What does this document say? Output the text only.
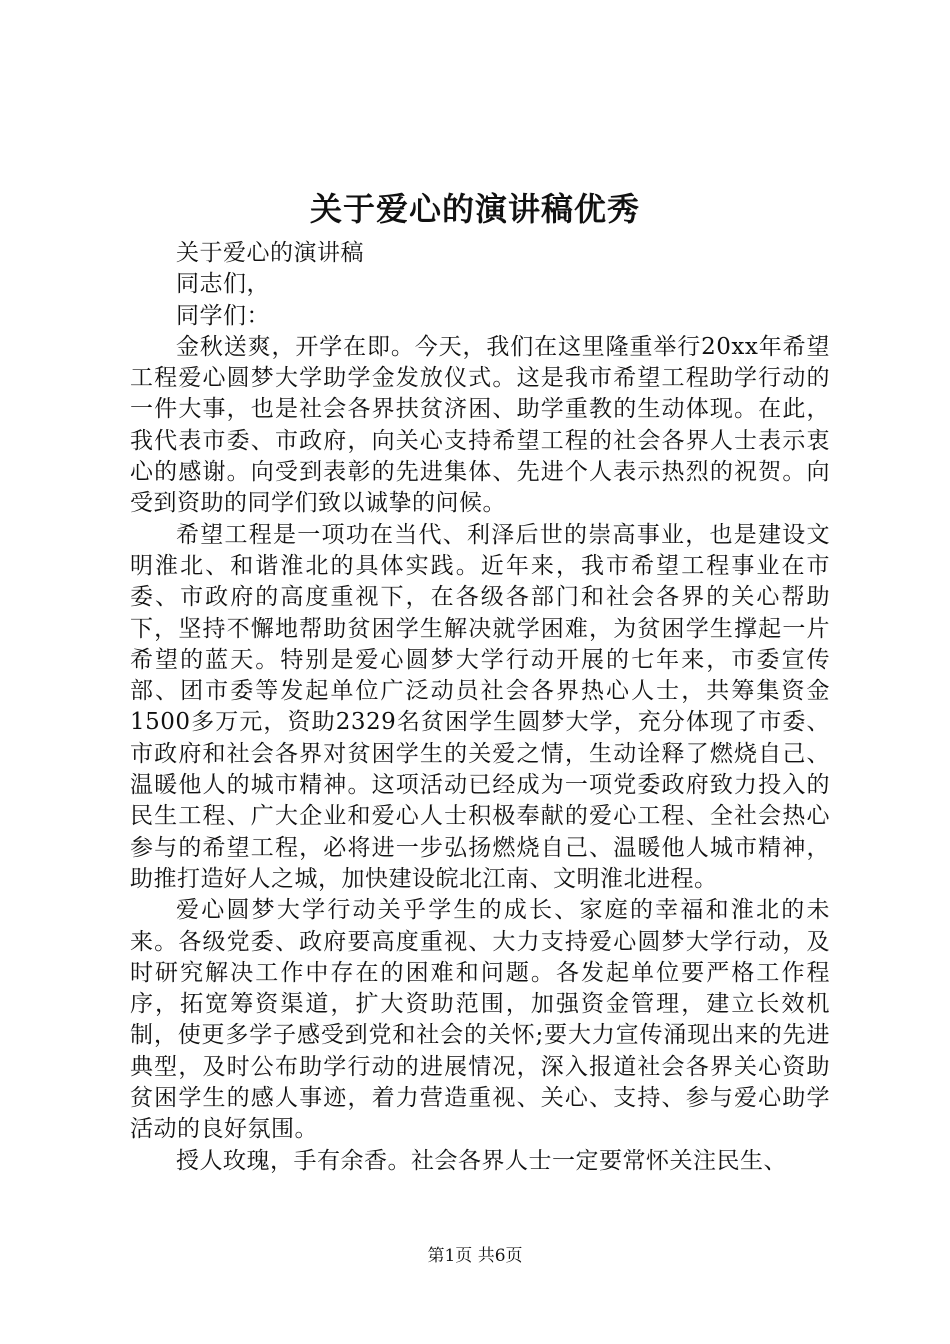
关于爱心的演讲稿优秀

关于爱心的演讲稿

同志们，

同学们：

金秋送爽，开学在即。今天，我们在这里隆重举行20xx年希望工程爱心圆梦大学助学金发放仪式。这是我市希望工程助学行动的一件大事，也是社会各界扶贫济困、助学重教的生动体现。在此，我代表市委、市政府，向关心支持希望工程的社会各界人士表示衷心的感谢。向受到表彰的先进集体、先进个人表示热烈的祝贺。向受到资助的同学们致以诚挚的问候。

希望工程是一项功在当代、利泽后世的崇高事业，也是建设文明淮北、和谐淮北的具体实践。近年来，我市希望工程事业在市委、市政府的高度重视下，在各级各部门和社会各界的关心帮助下，坚持不懈地帮助贫困学生解决就学困难，为贫困学生撑起一片希望的蓝天。特别是爱心圆梦大学行动开展的七年来，市委宣传部、团市委等发起单位广泛动员社会各界热心人士，共筹集资金1500多万元，资助2329名贫困学生圆梦大学，充分体现了市委、市政府和社会各界对贫困学生的关爱之情，生动诠释了燃烧自己、温暖他人的城市精神。这项活动已经成为一项党委政府致力投入的民生工程、广大企业和爱心人士积极奉献的爱心工程、全社会热心参与的希望工程，必将进一步弘扬燃烧自己、温暖他人城市精神，助推打造好人之城，加快建设皖北江南、文明淮北进程。

爱心圆梦大学行动关乎学生的成长、家庭的幸福和淮北的未来。各级党委、政府要高度重视、大力支持爱心圆梦大学行动，及时研究解决工作中存在的困难和问题。各发起单位要严格工作程序，拓宽筹资渠道，扩大资助范围，加强资金管理，建立长效机制，使更多学子感受到党和社会的关怀;要大力宣传涌现出来的先进典型，及时公布助学行动的进展情况，深入报道社会各界关心资助贫困学生的感人事迹，着力营造重视、关心、支持、参与爱心助学活动的良好氛围。

授人玫瑰，手有余香。社会各界人士一定要常怀关注民生、

第1页 共6页
